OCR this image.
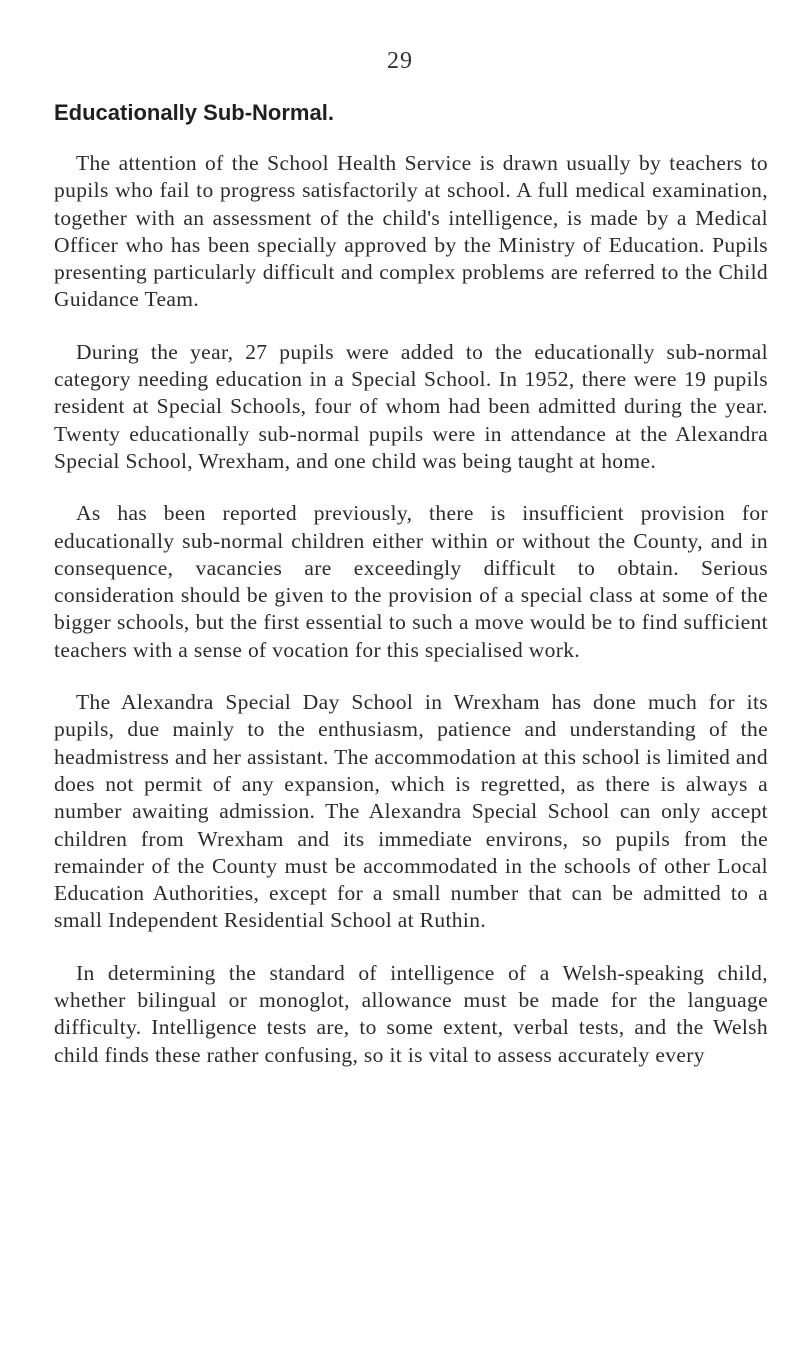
29
Educationally Sub-Normal.

The attention of the School Health Service is drawn usually by teachers to pupils who fail to progress satisfactorily at school. A full medical examination, together with an assessment of the child's intelligence, is made by a Medical Officer who has been specially approved by the Ministry of Education. Pupils presenting particularly difficult and complex problems are referred to the Child Guidance Team.

During the year, 27 pupils were added to the educationally sub-normal category needing education in a Special School. In 1952, there were 19 pupils resident at Special Schools, four of whom had been admitted during the year. Twenty educationally sub-normal pupils were in attendance at the Alexandra Special School, Wrexham, and one child was being taught at home.

As has been reported previously, there is insufficient provision for educationally sub-normal children either within or without the County, and in consequence, vacancies are exceedingly difficult to obtain. Serious consideration should be given to the provision of a special class at some of the bigger schools, but the first essential to such a move would be to find sufficient teachers with a sense of vocation for this specialised work.

The Alexandra Special Day School in Wrexham has done much for its pupils, due mainly to the enthusiasm, patience and understanding of the headmistress and her assistant. The accommodation at this school is limited and does not permit of any expansion, which is regretted, as there is always a number awaiting admission. The Alexandra Special School can only accept children from Wrexham and its immediate environs, so pupils from the remainder of the County must be accommodated in the schools of other Local Education Authorities, except for a small number that can be admitted to a small Independent Residential School at Ruthin.

In determining the standard of intelligence of a Welsh-speaking child, whether bilingual or monoglot, allowance must be made for the language difficulty. Intelligence tests are, to some extent, verbal tests, and the Welsh child finds these rather confusing, so it is vital to assess accurately every
